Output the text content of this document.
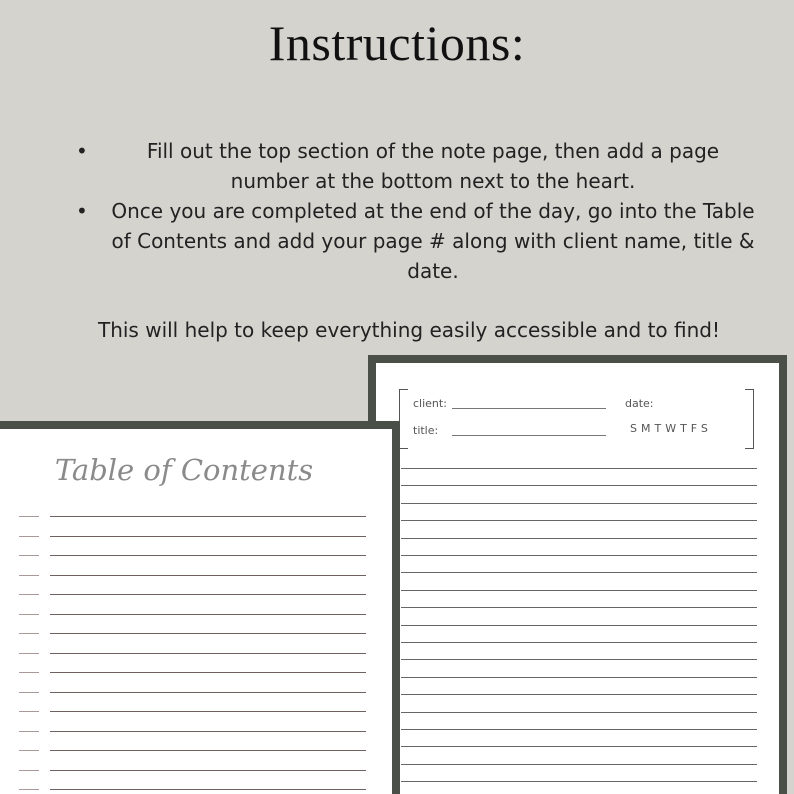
Instructions:
•	Fill out the top section of the note page, then add a page number at the bottom next to the heart.
• Once you are completed at the end of the day, go into the Table of Contents and add your page # along with client name, title & date.
This will help to keep everything easily accessible and to find!
client:
title:
date:
SMTWTFS
Table of Contents
